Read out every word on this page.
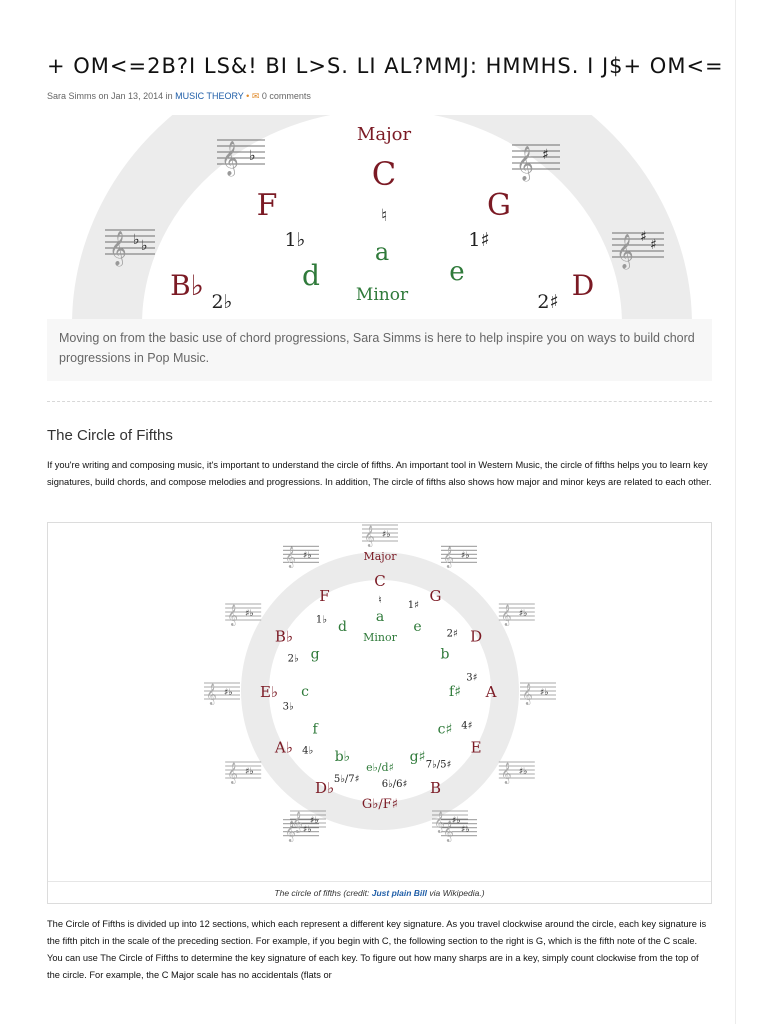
+ OM<=2B?I LS&! BI L>S. LI AL?MMJ: HMMHS. I J$+ OM<=
Sara Simms on Jan 13, 2014 in MUSIC THEORY • ✉ 0 comments
𝄞 ♭	𝄞 ♯
𝄞 ♭ ♭	𝄞 ♯ ♯
Major
C
F	G
B♭	D
♮
1♭	1♯
2♭	2♯
a
d	e
Minor

Moving on from the basic use of chord progressions, Sara Simms is here to help inspire you on ways to build chord progressions in Pop Music.

The Circle of Fifths

If you're writing and composing music, it's important to understand the circle of fifths. An important tool in Western Music, the circle of fifths helps you to learn key signatures, build chords, and compose melodies and progressions. In addition, The circle of fifths also shows how major and minor keys are related to each other.

Major
Minor
♮
C
a
𝄞 ♯♭
G
e
𝄞 ♯♭
D
b
𝄞 ♯♭
A
f♯	𝄞 ♯♭
E
c♯
𝄞 ♯♭
B
g♯
𝄞 ♯♭
G♭/F♯
e♭/d♯
D♭
b♭
𝄞 ♯♭
A♭
f
𝄞 ♯♭
E♭ c
𝄞 ♯♭
B♭
g
𝄞 ♯♭
F
d
𝄞 ♯♭
1♯
2♯
3♯
4♯
7♭/5♯
6♭/6♯
5♭/7♯
4♭
3♭
2♭
1♭
𝄞 ♯♭	𝄞 ♯♭
The circle of fifths (credit: Just plain Bill via Wikipedia.)

The Circle of Fifths is divided up into 12 sections, which each represent a different key signature. As you travel clockwise around the circle, each key signature is the fifth pitch in the scale of the preceding section. For example, if you begin with C, the following section to the right is G, which is the fifth note of the C scale. You can use The Circle of Fifths to determine the key signature of each key. To figure out how many sharps are in a key, simply count clockwise from the top of the circle. For example, the C Major scale has no accidentals (flats or
